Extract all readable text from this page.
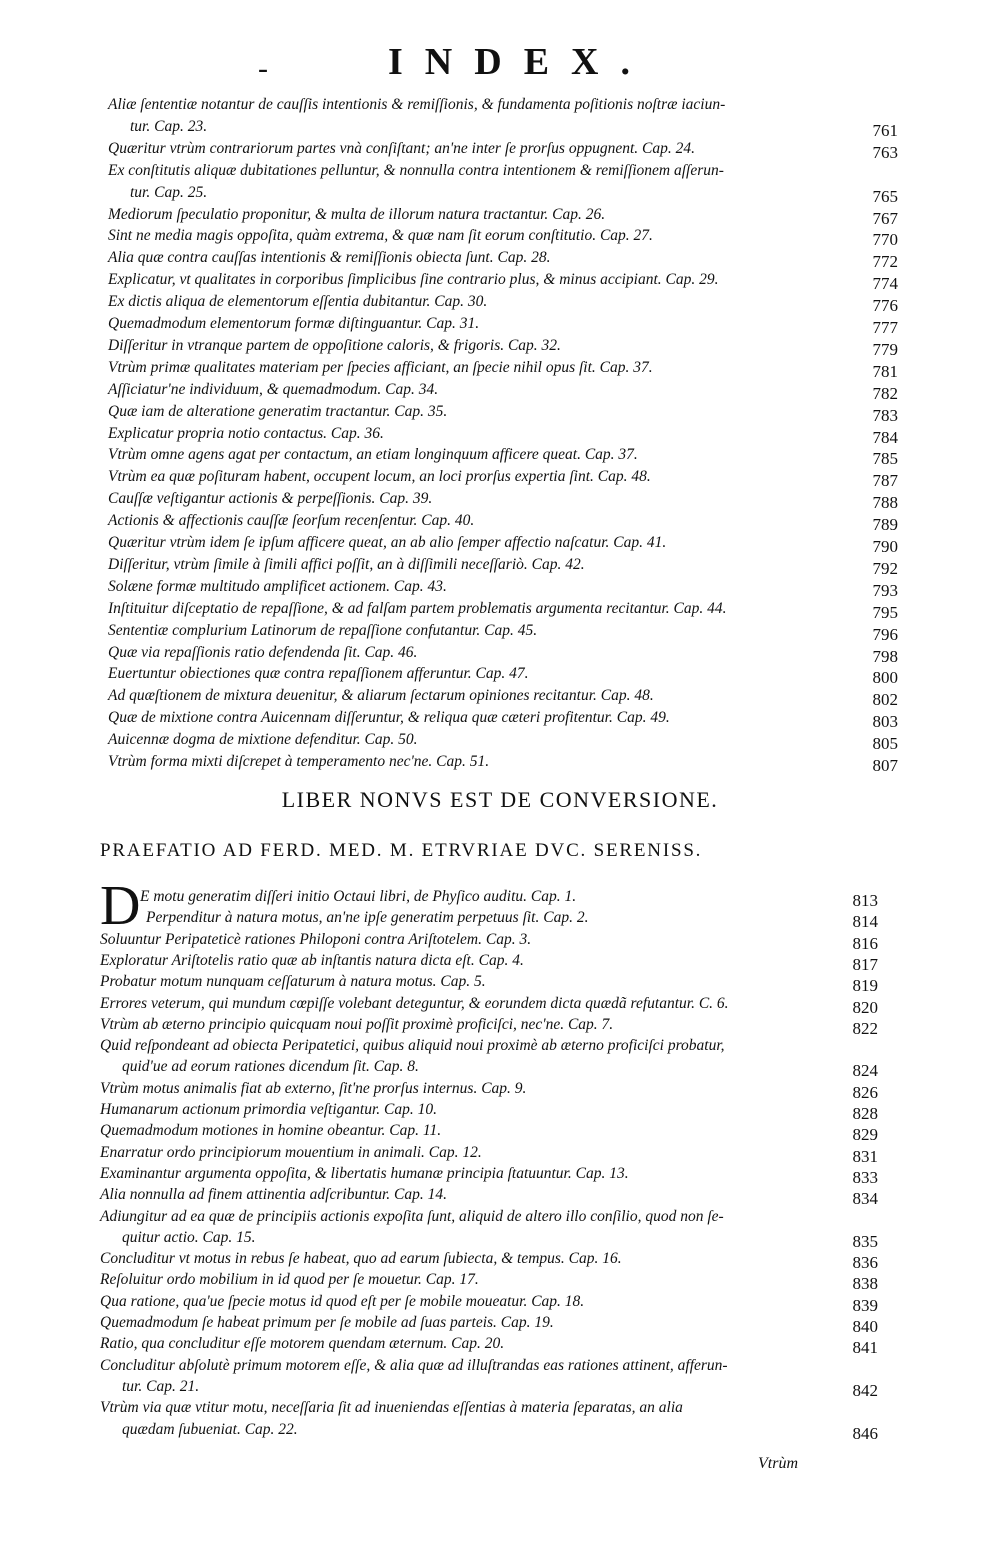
-	INDEX.
Aliæ ſententiæ notantur de cauſſis intentionis & remiſſionis, & fundamenta poſitionis noſtræ iaciun-
tur. Cap. 23.	761
Quæritur vtrùm contrariorum partes vnà conſiſtant; an'ne inter ſe prorſus oppugnent. Cap. 24.	763
Ex conſtitutis aliquæ dubitationes pelluntur, & nonnulla contra intentionem & remiſſionem aſſerun-
tur. Cap. 25.	765
Mediorum ſpeculatio proponitur, & multa de illorum natura tractantur. Cap. 26.	767
Sint ne media magis oppoſita, quàm extrema, & quæ nam ſit eorum conſtitutio. Cap. 27.	770
Alia quæ contra cauſſas intentionis & remiſſionis obiecta ſunt. Cap. 28.	772
Explicatur, vt qualitates in corporibus ſimplicibus ſine contrario plus, & minus accipiant. Cap. 29.	774
Ex dictis aliqua de elementorum eſſentia dubitantur. Cap. 30.	776
Quemadmodum elementorum formæ diſtinguantur. Cap. 31.	777
Diſſeritur in vtranque partem de oppoſitione caloris, & frigoris. Cap. 32.	779
Vtrùm primæ qualitates materiam per ſpecies afficiant, an ſpecie nihil opus ſit. Cap. 37.	781
Aſſiciatur'ne individuum, & quemadmodum. Cap. 34.	782
Quæ iam de alteratione generatim tractantur. Cap. 35.	783
Explicatur propria notio contactus. Cap. 36.	784
Vtrùm omne agens agat per contactum, an etiam longinquum afficere queat. Cap. 37.	785
Vtrùm ea quæ poſituram habent, occupent locum, an loci prorſus expertia ſint. Cap. 48.	787
Cauſſæ veſtigantur actionis & perpeſſionis. Cap. 39.	788
Actionis & affectionis cauſſæ ſeorſum recenſentur. Cap. 40.	789
Quæritur vtrùm idem ſe ipſum afficere queat, an ab alio ſemper affectio naſcatur. Cap. 41.	790
Diſſeritur, vtrùm ſimile à ſimili affici poſſit, an à diſſimili neceſſariò. Cap. 42.	792
Solæne formæ multitudo amplificet actionem. Cap. 43.	793
Inſtituitur diſceptatio de repaſſione, & ad falſam partem problematis argumenta recitantur. Cap. 44.	795
Sententiæ complurium Latinorum de repaſſione confutantur. Cap. 45.	796
Quæ via repaſſionis ratio defendenda ſit. Cap. 46.	798
Euertuntur obiectiones quæ contra repaſſionem afferuntur. Cap. 47.	800
Ad quæſtionem de mixtura deuenitur, & aliarum ſectarum opiniones recitantur. Cap. 48.	802
Quæ de mixtione contra Auicennam diſſeruntur, & reliqua quæ cæteri profitentur. Cap. 49.	803
Auicennæ dogma de mixtione defenditur. Cap. 50.	805
Vtrùm forma mixti diſcrepet à temperamento nec'ne. Cap. 51.	807
E motu generatim diſſeri initio Octaui libri, de Phyſico auditu. Cap. 1.	813
Perpenditur à natura motus, an'ne ipſe generatim perpetuus ſit. Cap. 2.	814
Soluuntur Peripateticè rationes Philoponi contra Ariſtotelem. Cap. 3.	816
Exploratur Ariſtotelis ratio quæ ab inſtantis natura dicta eſt. Cap. 4.	817
Probatur motum nunquam ceſſaturum à natura motus. Cap. 5.	819
Errores veterum, qui mundum cœpiſſe volebant deteguntur, & eorundem dicta quædã refutantur. C. 6.	820
Vtrùm ab æterno principio quicquam noui poſſit proximè proficiſci, nec'ne. Cap. 7.	822
Quid reſpondeant ad obiecta Peripatetici, quibus aliquid noui proximè ab æterno proficiſci probatur,
quid'ue ad eorum rationes dicendum ſit. Cap. 8.	824
Vtrùm motus animalis fiat ab externo, ſit'ne prorſus internus. Cap. 9.	826
Humanarum actionum primordia veſtigantur. Cap. 10.	828
Quemadmodum motiones in homine obeantur. Cap. 11.	829
Enarratur ordo principiorum mouentium in animali. Cap. 12.	831
Examinantur argumenta oppoſita, & libertatis humanæ principia ſtatuuntur. Cap. 13.	833
Alia nonnulla ad finem attinentia adſcribuntur. Cap. 14.	834
Adiungitur ad ea quæ de principiis actionis expoſita ſunt, aliquid de altero illo conſilio, quod non ſe-
quitur actio. Cap. 15.	835
Concluditur vt motus in rebus ſe habeat, quo ad earum ſubiecta, & tempus. Cap. 16.	836
Reſoluitur ordo mobilium in id quod per ſe mouetur. Cap. 17.	838
Qua ratione, qua'ue ſpecie motus id quod eſt per ſe mobile moueatur. Cap. 18.	839
Quemadmodum ſe habeat primum per ſe mobile ad ſuas parteis. Cap. 19.	840
Ratio, qua concluditur eſſe motorem quendam æternum. Cap. 20.	841
Concluditur abſolutè primum motorem eſſe, & alia quæ ad illuſtrandas eas rationes attinent, afferun-
tur. Cap. 21.	842
Vtrùm via quæ vtitur motu, neceſſaria ſit ad inueniendas eſſentias à materia ſeparatas, an alia
quædam ſubueniat. Cap. 22.	846
LIBER NONVS EST DE CONVERSIONE.
PRAEFATIO AD FERD. MED. M. ETRVRIAE DVC. SERENISS.
D
Vtrùm
